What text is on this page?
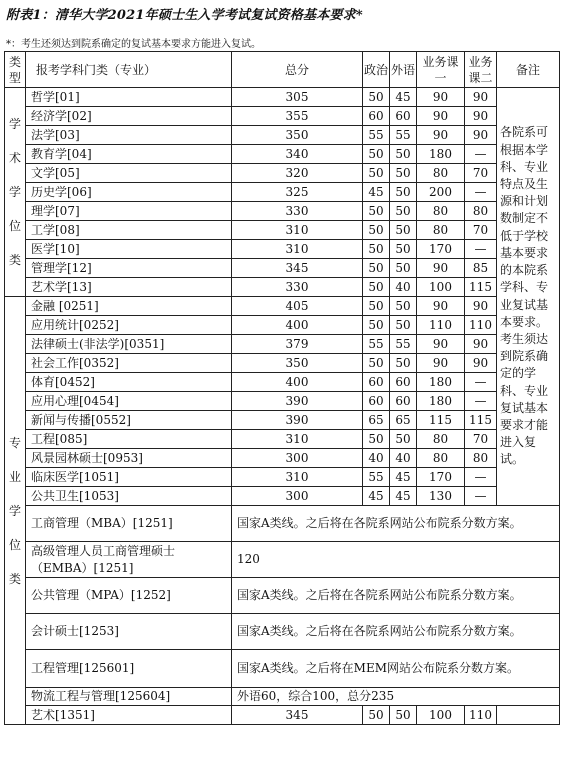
附表1：清华大学2021年硕士生入学考试复试资格基本要求*
*：考生还须达到院系确定的复试基本要求方能进入复试。
类型	报考学科门类（专业）	总分	政治	外语	业务课一	业务课二	备注

学
术
学
位
类	哲学[01]	305	50	45	90	90	各院系可根据本学科、专业特点及生源和计划数制定不低于学校基本要求的本院系学科、专业复试基本要求。考生须达到院系确定的学科、专业复试基本要求才能进入复试。
	经济学[02]	355	60	60	90	90	
	法学[03]	350	55	55	90	90	
	教育学[04]	340	50	50	180	—	
	文学[05]	320	50	50	80	70	
	历史学[06]	325	45	50	200	—	
	理学[07]	330	50	50	80	80	
	工学[08]	310	50	50	80	70	
	医学[10]	310	50	50	170	—	
	管理学[12]	345	50	50	90	85	
	艺术学[13]	330	50	40	100	115	

专
业
学
位
类	金融 [0251]	405	50	50	90	90	
	应用统计[0252]	400	50	50	110	110	
	法律硕士(非法学)[0351]	379	55	55	90	90	
	社会工作[0352]	350	50	50	90	90	
	体育[0452]	400	60	60	180	—	
	应用心理[0454]	390	60	60	180	—	
	新闻与传播[0552]	390	65	65	115	115	
	工程[085]	310	50	50	80	70	
	风景园林硕士[0953]	300	40	40	80	80	
	临床医学[1051]	310	55	45	170	—	
	公共卫生[1053]	300	45	45	130	—	
	工商管理（MBA）[1251]	国家A类线。之后将在各院系网站公布院系分数方案。					
	高级管理人员工商管理硕士（EMBA）[1251]	120					
	公共管理（MPA）[1252]	国家A类线。之后将在各院系网站公布院系分数方案。					
	会计硕士[1253]	国家A类线。之后将在各院系网站公布院系分数方案。					
	工程管理[125601]	国家A类线。之后将在MEM网站公布院系分数方案。					
	物流工程与管理[125604]	外语60，综合100，总分235					
	艺术[1351]	345	50	50	100	110	
